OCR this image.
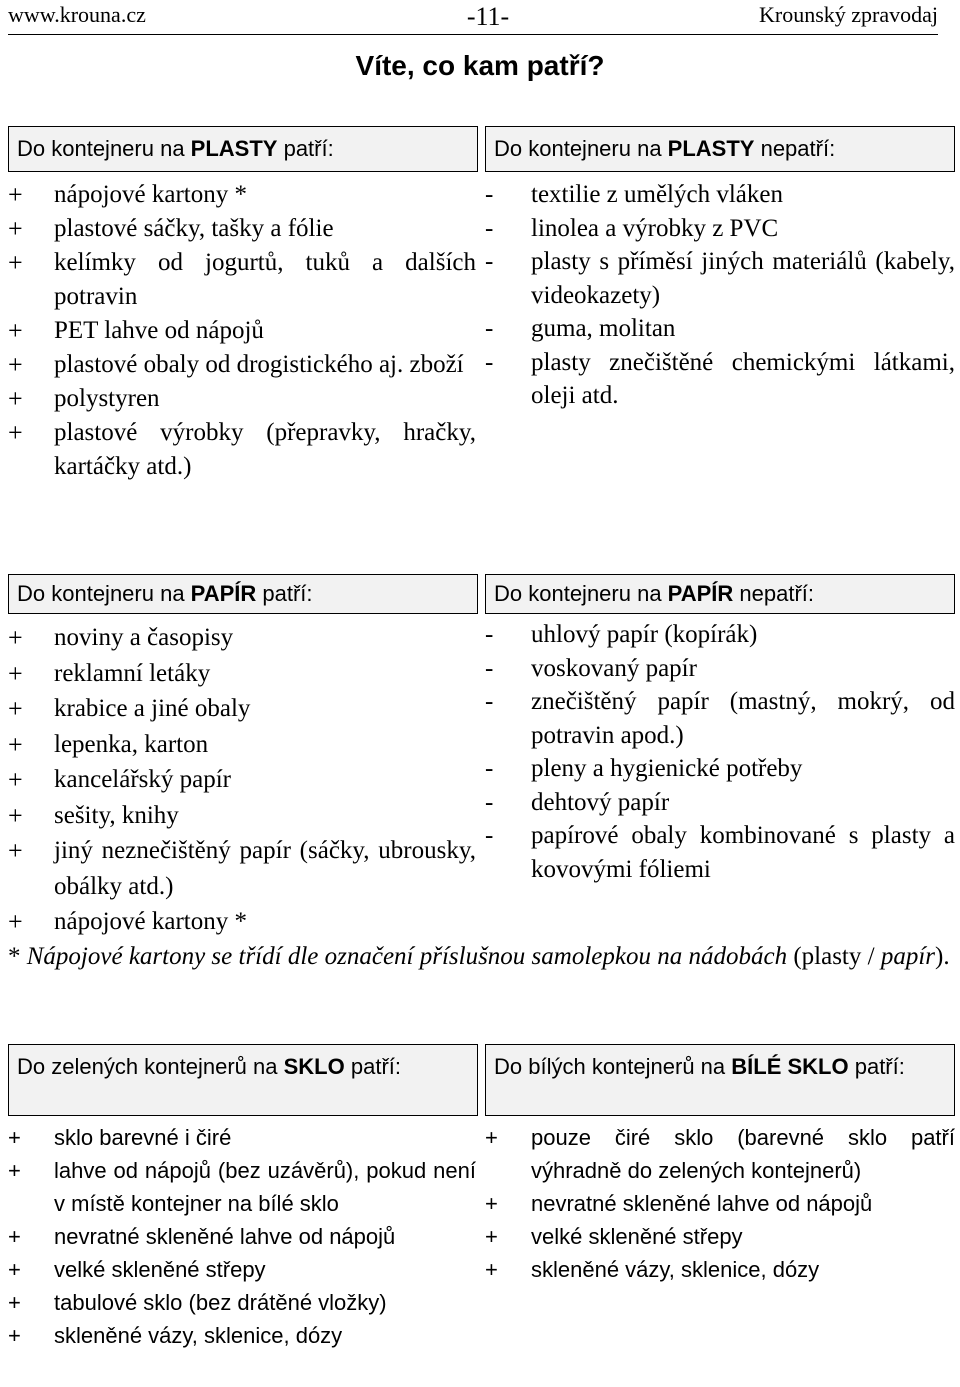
www.krouna.cz	-11-	Krounský zpravodaj
Víte, co kam patří?
Do kontejneru na PLASTY patří:
+ nápojové kartony *
+ plastové sáčky, tašky a fólie
+ kelímky od jogurtů, tuků a dalších potravin
+ PET lahve od nápojů
+ plastové obaly od drogistického aj. zboží
+ polystyren
+ plastové výrobky (přepravky, hračky, kartáčky atd.)
Do kontejneru na PLASTY nepatří:
- textilie z umělých vláken
- linolea a výrobky z PVC
- plasty s příměsí jiných materiálů (kabely, videokazety)
- guma, molitan
- plasty znečištěné chemickými látkami, oleji atd.
Do kontejneru na PAPÍR patří:
+ noviny a časopisy
+ reklamní letáky
+ krabice a jiné obaly
+ lepenka, karton
+ kancelářský papír
+ sešity, knihy
+ jiný neznečištěný papír (sáčky, ubrousky, obálky atd.)
+ nápojové kartony *
Do kontejneru na PAPÍR nepatří:
- uhlový papír (kopírák)
- voskovaný papír
- znečištěný papír (mastný, mokrý, od potravin apod.)
- pleny a hygienické potřeby
- dehtový papír
- papírové obaly kombinované s plasty a kovovými fóliemi
* Nápojové kartony se třídí dle označení příslušnou samolepkou na nádobách (plasty / papír).
Do zelených kontejnerů na SKLO patří:
+ sklo barevné i čiré
+ lahve od nápojů (bez uzávěrů), pokud není v místě kontejner na bílé sklo
+ nevratné skleněné lahve od nápojů
+ velké skleněné střepy
+ tabulové sklo (bez drátěné vložky)
+ skleněné vázy, sklenice, dózy
Do bílých kontejnerů na BÍLÉ SKLO patří:
+ pouze čiré sklo (barevné sklo patří výhradně do zelených kontejnerů)
+ nevratné skleněné lahve od nápojů
+ velké skleněné střepy
+ skleněné vázy, sklenice, dózy
